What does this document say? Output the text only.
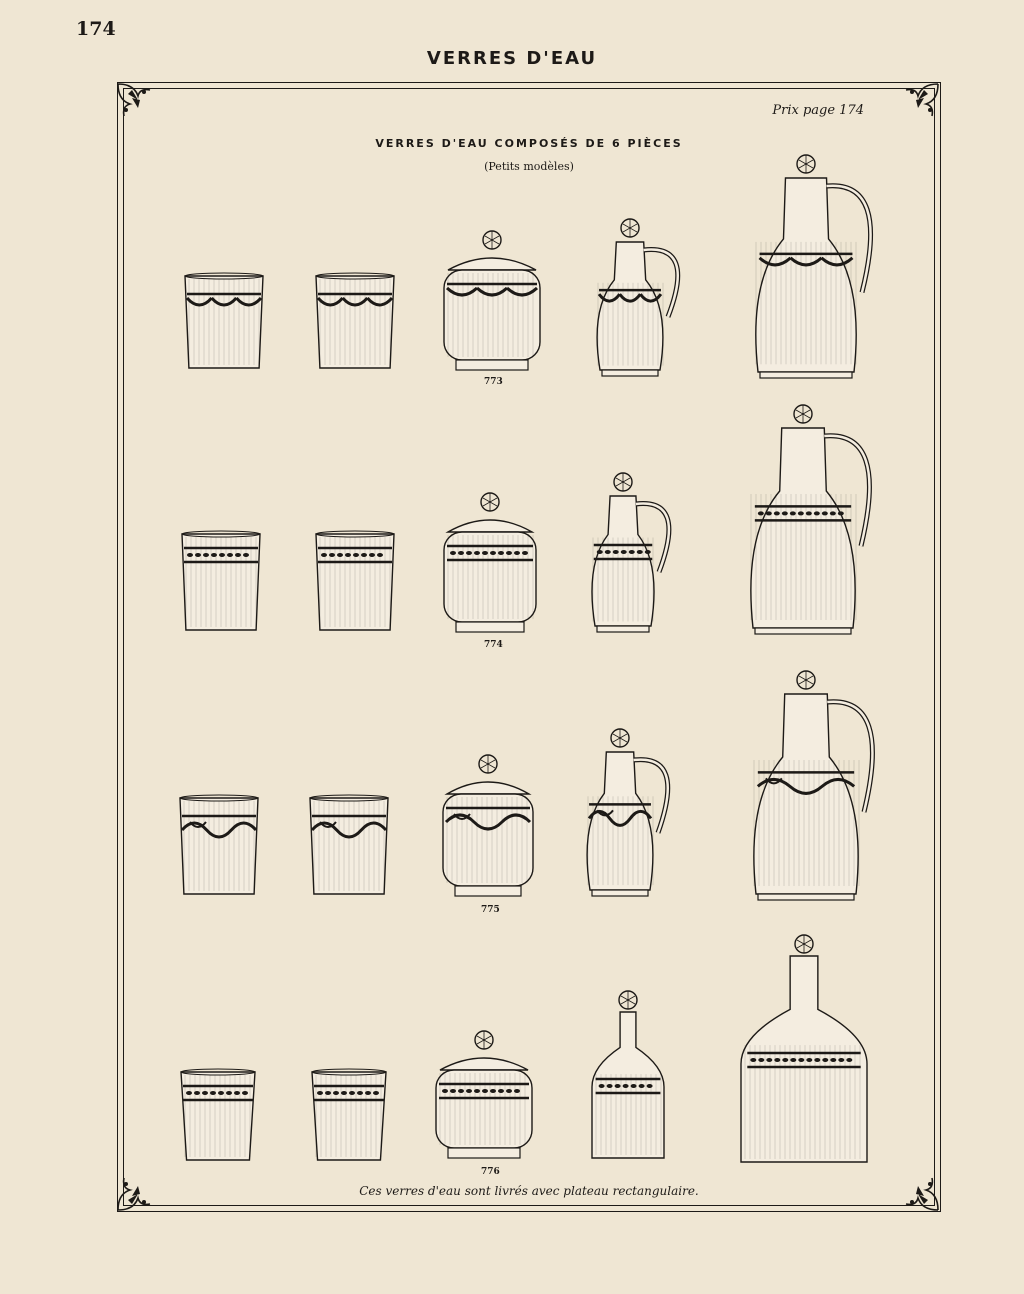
174
VERRES D'EAU
Prix page 174
VERRES D'EAU COMPOSÉS DE 6 PIÈCES
(Petits modèles)
773
774
775
776
Ces verres d'eau sont livrés avec plateau rectangulaire.
